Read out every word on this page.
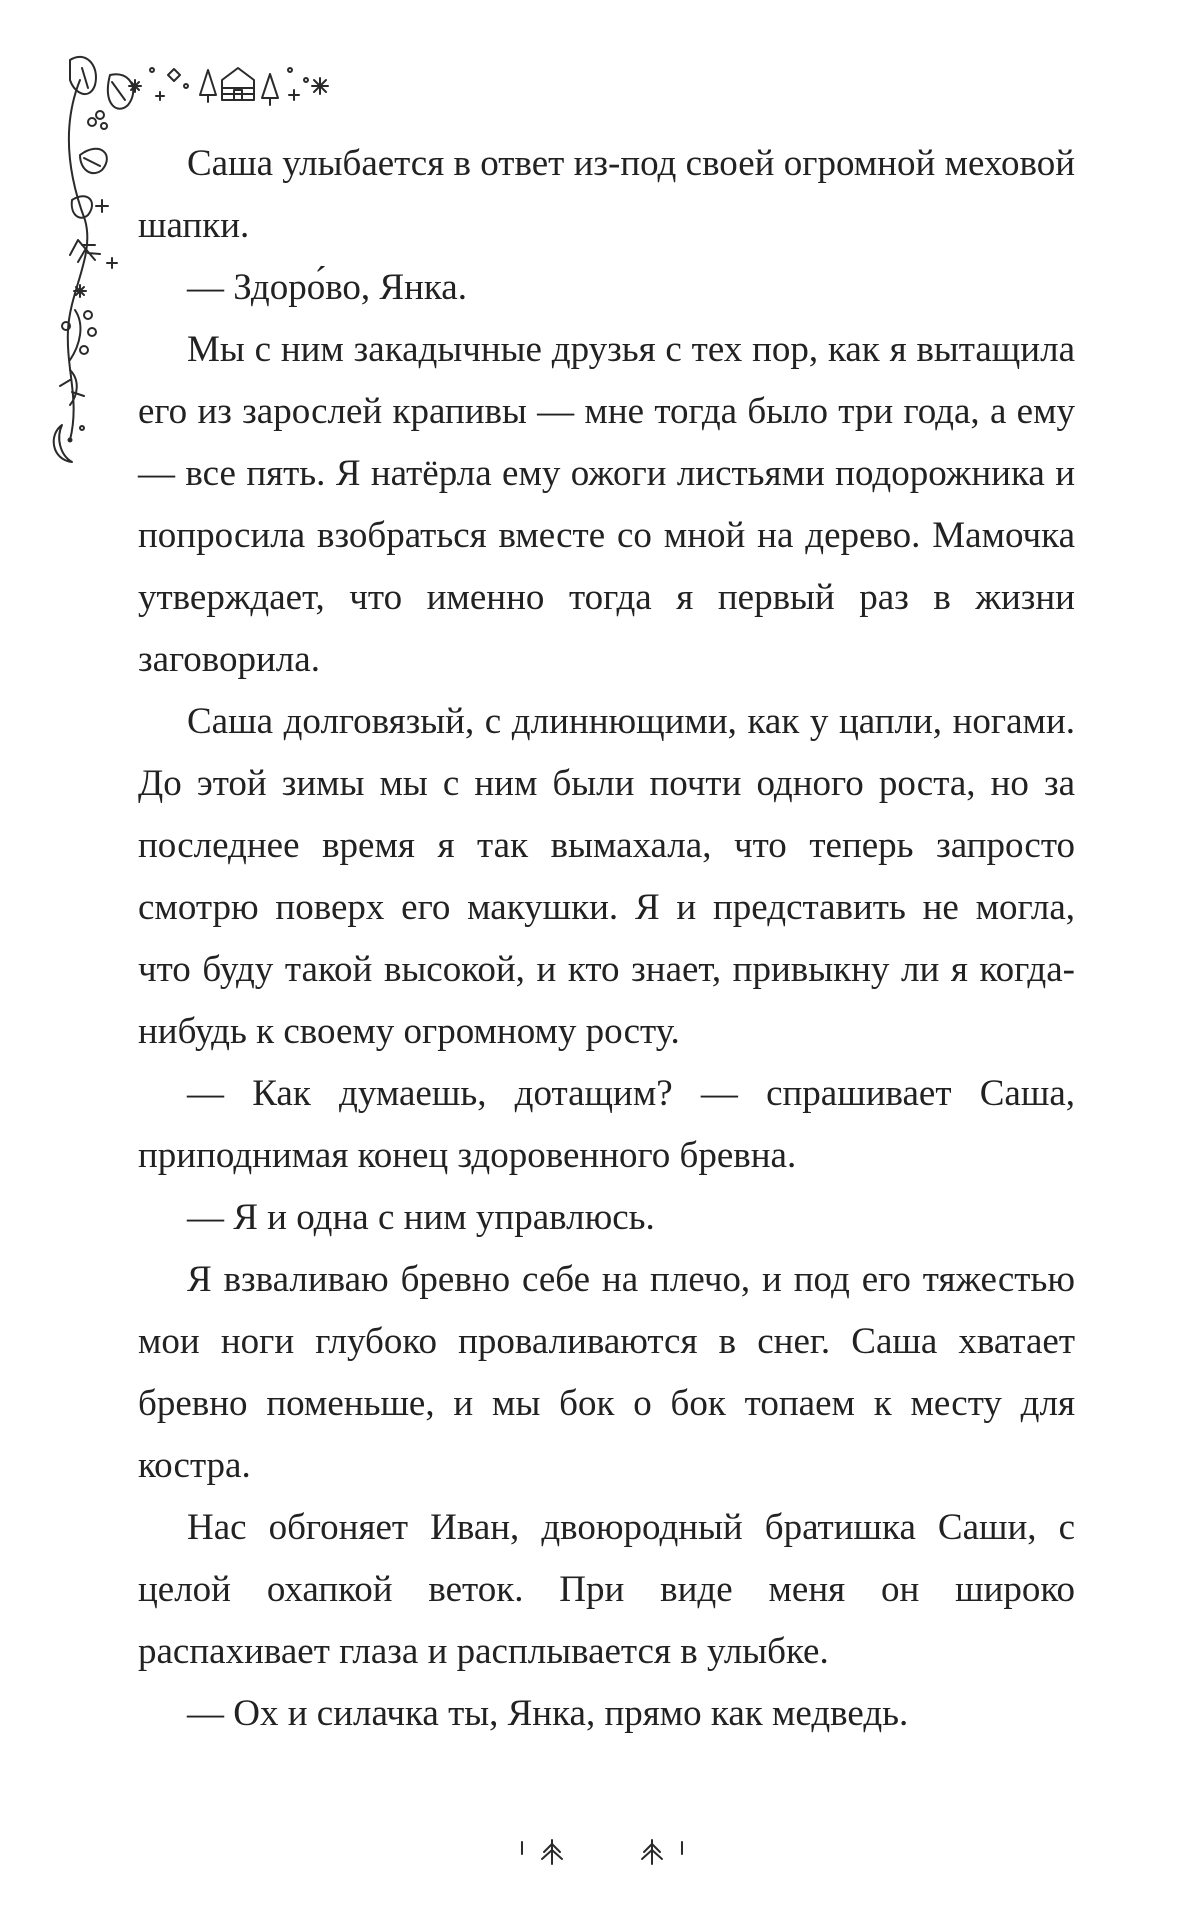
Саша улыбается в ответ из-под своей огромной меховой шапки.

— Здоро́во, Янка.

Мы с ним закадычные друзья с тех пор, как я вытащила его из зарослей крапивы — мне тогда было три года, а ему — все пять. Я натёрла ему ожоги листьями подорожника и попросила взобраться вместе со мной на дерево. Мамочка утверждает, что именно тогда я первый раз в жизни заговорила.

Саша долговязый, с длиннющими, как у цапли, ногами. До этой зимы мы с ним были почти одного роста, но за последнее время я так вымахала, что теперь запросто смотрю поверх его макушки. Я и представить не могла, что буду такой высокой, и кто знает, привыкну ли я когда-нибудь к своему огромному росту.

— Как думаешь, дотащим? — спрашивает Саша, приподнимая конец здоровенного бревна.

— Я и одна с ним управлюсь.

Я взваливаю бревно себе на плечо, и под его тяжестью мои ноги глубоко проваливаются в снег. Саша хватает бревно поменьше, и мы бок о бок топаем к месту для костра.

Нас обгоняет Иван, двоюродный братишка Саши, с целой охапкой веток. При виде меня он широко распахивает глаза и расплывается в улыбке.

— Ох и силачка ты, Янка, прямо как медведь.
